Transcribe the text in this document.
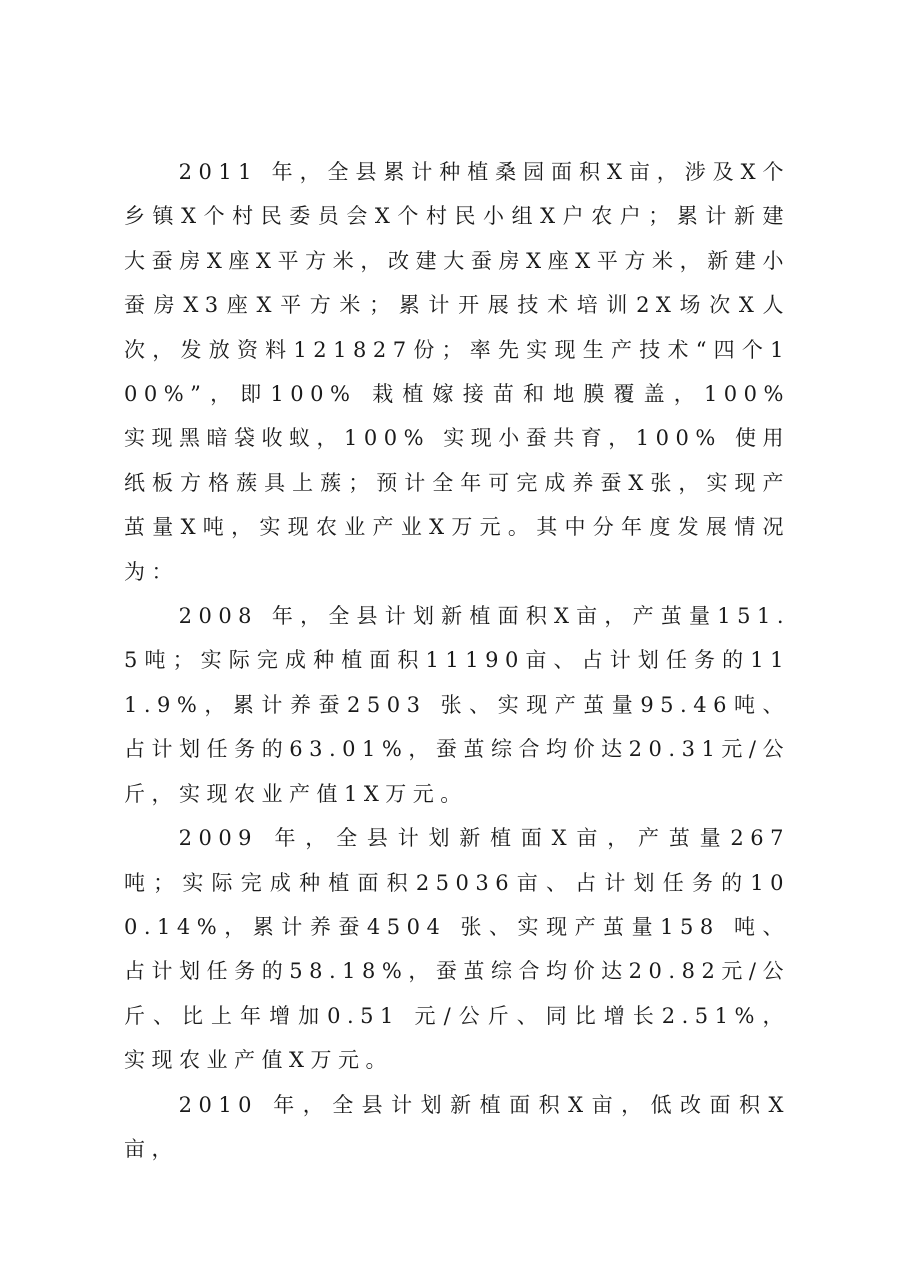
2011 年，全县累计种植桑园面积X亩，涉及X个乡镇X个村民委员会X个村民小组X户农户；累计新建大蚕房X座X平方米，改建大蚕房X座X平方米，新建小蚕房X3座X平方米；累计开展技术培训2X场次X人次，发放资料121827份；率先实现生产技术“四个100%”，即100% 栽植嫁接苗和地膜覆盖，100% 实现黑暗袋收蚁，100% 实现小蚕共育，100% 使用纸板方格蔟具上蔟；预计全年可完成养蚕X张，实现产茧量X吨，实现农业产业X万元。其中分年度发展情况为：

2008 年，全县计划新植面积X亩，产茧量151.5吨；实际完成种植面积11190亩、占计划任务的111.9%，累计养蚕2503 张、实现产茧量95.46吨、占计划任务的63.01%，蚕茧综合均价达20.31元/公斤，实现农业产值1X万元。

2009 年，全县计划新植面X亩，产茧量267 吨；实际完成种植面积25036亩、占计划任务的100.14%，累计养蚕4504 张、实现产茧量158 吨、占计划任务的58.18%，蚕茧综合均价达20.82元/公斤、比上年增加0.51 元/公斤、同比增长2.51%，实现农业产值X万元。

2010 年，全县计划新植面积X亩，低改面积X亩，
